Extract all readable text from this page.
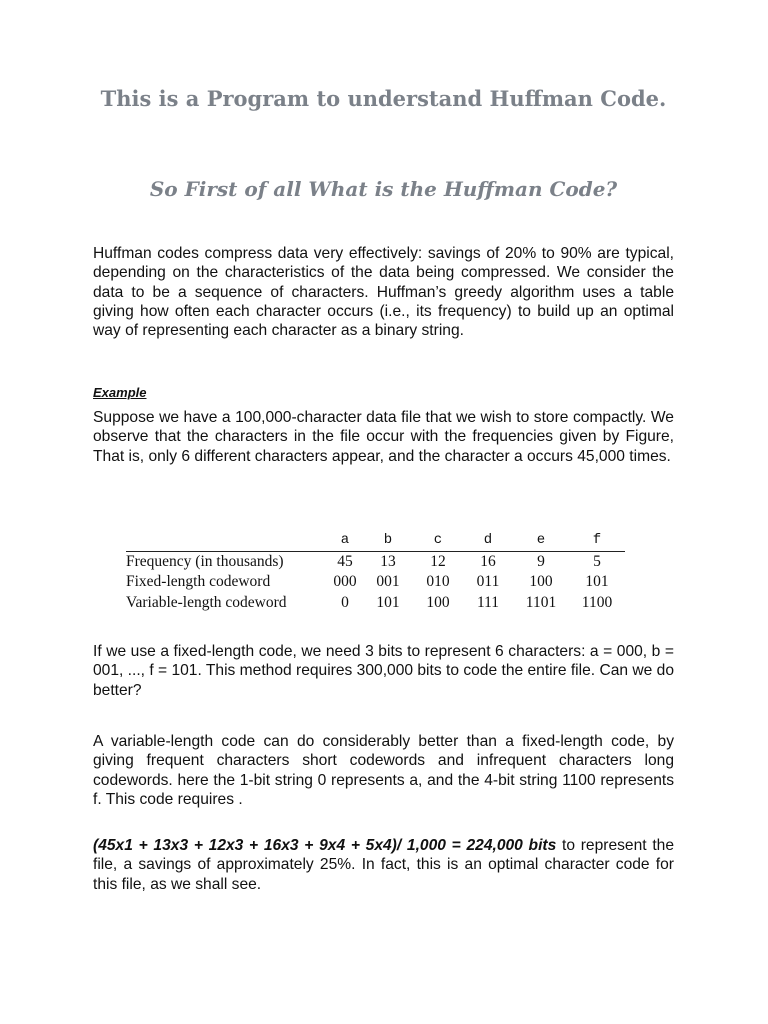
This is a Program to understand Huffman Code.
So First of all What is the Huffman Code?

Huffman codes compress data very effectively: savings of 20% to 90% are typical, depending on the characteristics of the data being compressed. We consider the data to be a sequence of characters. Huffman’s greedy algorithm uses a table giving how often each character occurs (i.e., its frequency) to build up an optimal way of representing each character as a binary string.

Example

Suppose we have a 100,000-character data file that we wish to store compactly. We observe that the characters in the file occur with the frequencies given by Figure, That is, only 6 different characters appear, and the character a occurs 45,000 times.

	a	b	c	d	e	f
Frequency (in thousands)	45	13	12	16	9	5
Fixed-length codeword	000	001	010	011	100	101
Variable-length codeword	0	101	100	111	1101	1100

If we use a fixed-length code, we need 3 bits to represent 6 characters: a = 000, b = 001, ..., f = 101. This method requires 300,000 bits to code the entire file. Can we do better?

A variable-length code can do considerably better than a fixed-length code, by giving frequent characters short codewords and infrequent characters long codewords. here the 1-bit string 0 represents a, and the 4-bit string 1100 represents f. This code requires .

(45x1 + 13x3 + 12x3 + 16x3 + 9x4 + 5x4)/ 1,000 = 224,000 bits to represent the file, a savings of approximately 25%. In fact, this is an optimal character code for this file, as we shall see.
